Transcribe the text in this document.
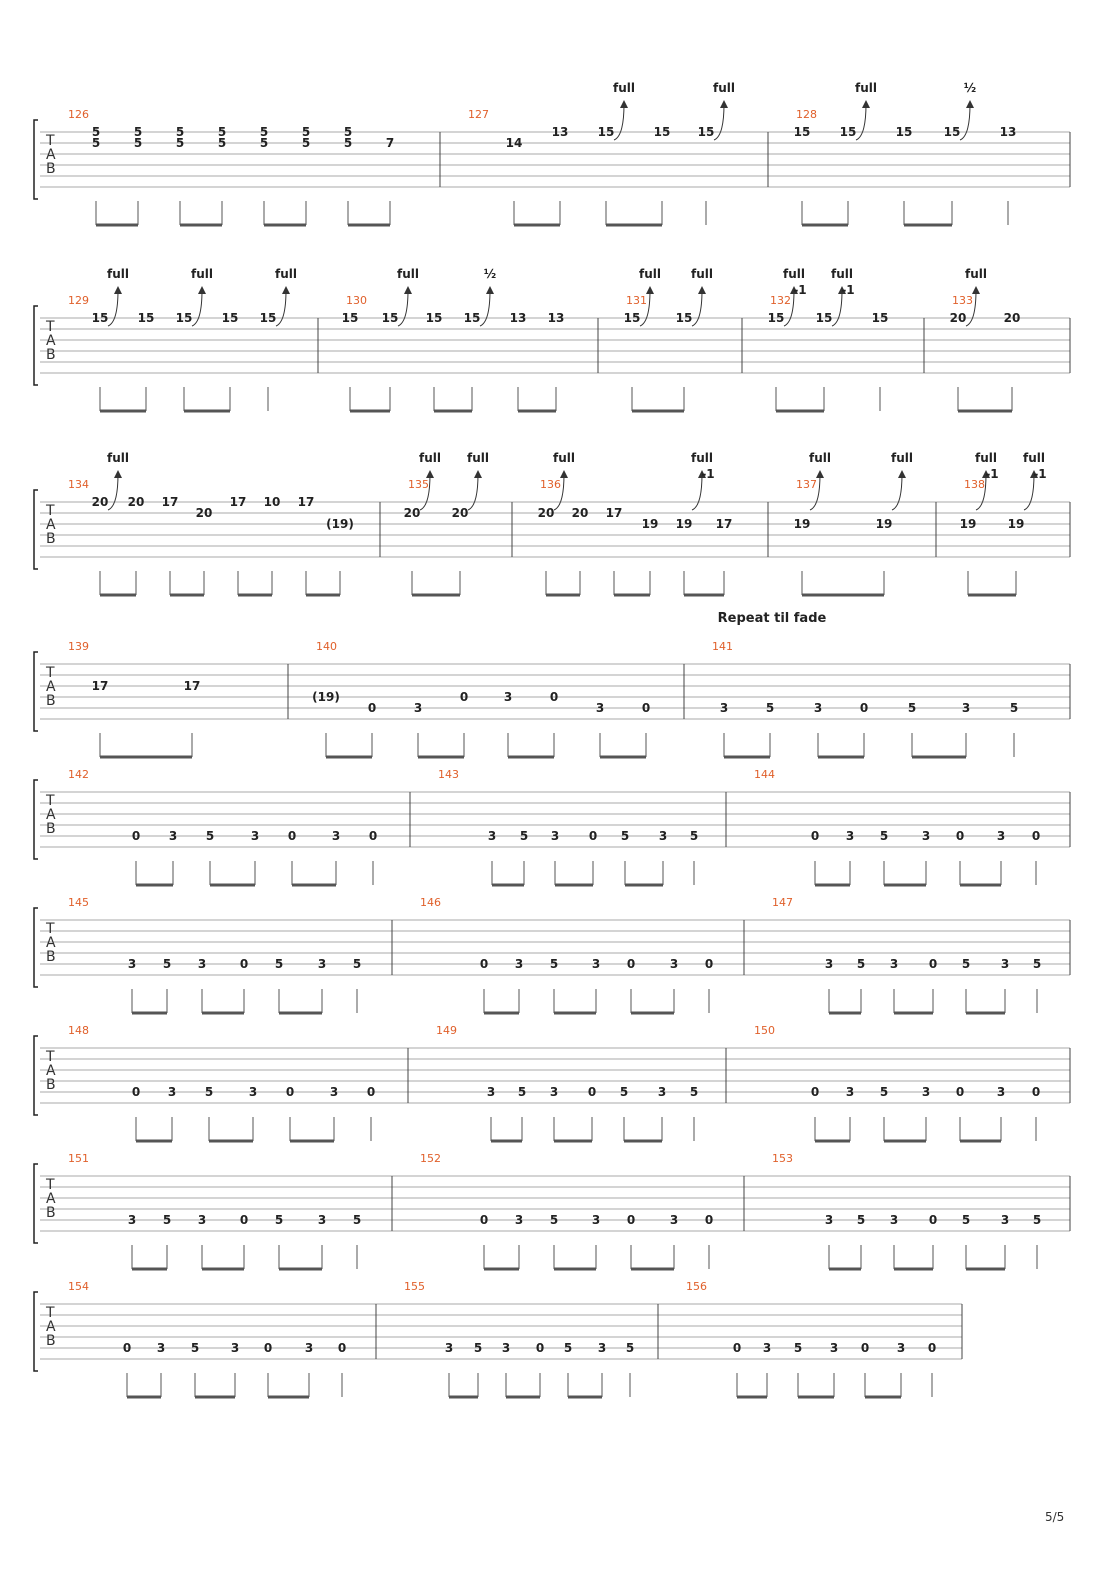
T
A
B
126
5
5
5
5
5
5
5
5
5
5
5
5
5
5	7
127
14
13 15
full
15 15
full
128
15 15
full
15	15
½
13
T
A
B
129
15
full
15 15
full
15 15
full
130
15 15
full
15 15
½
13 13
131
15
full
15
full
132
15
full
-1
15
full
-1
15
133
20
full
20
T
A
B
134
20
full
20 17
20
17 10 17
(19)
135
20
full
20
full
136
20
full
20 17
19 19
full
-1
17
137
19
full
19
full
138
19
full
-1
19
full
-1
T
A
B
139
17	17
140
(19)
0	3
0	3	0
3	0
141
3	5	3	0	5	3	5
Repeat til fade
T
A
B
142
0 3 5	3 0	3 0
143
3 5 3 0 5 3 5
144
0 3 5	3 0	3 0
T
A
B
145
3 5 3	0 5	3 5
146
0 3 5	3 0	3 0
147
3 5 3	0 5	3 5
T
A
B
148
0 3 5	3 0	3 0
149
3 5 3 0 5 3 5
150
0 3 5	3 0	3 0
T
A
B
151
3 5 3	0 5	3 5
152
0 3 5	3 0	3 0
153
3 5 3	0 5	3 5
T
A
B
154
0 3 5	3 0	3 0
155
3 5 3 0 5 3 5
156
0 3 5 3 0 3 0
5/5
